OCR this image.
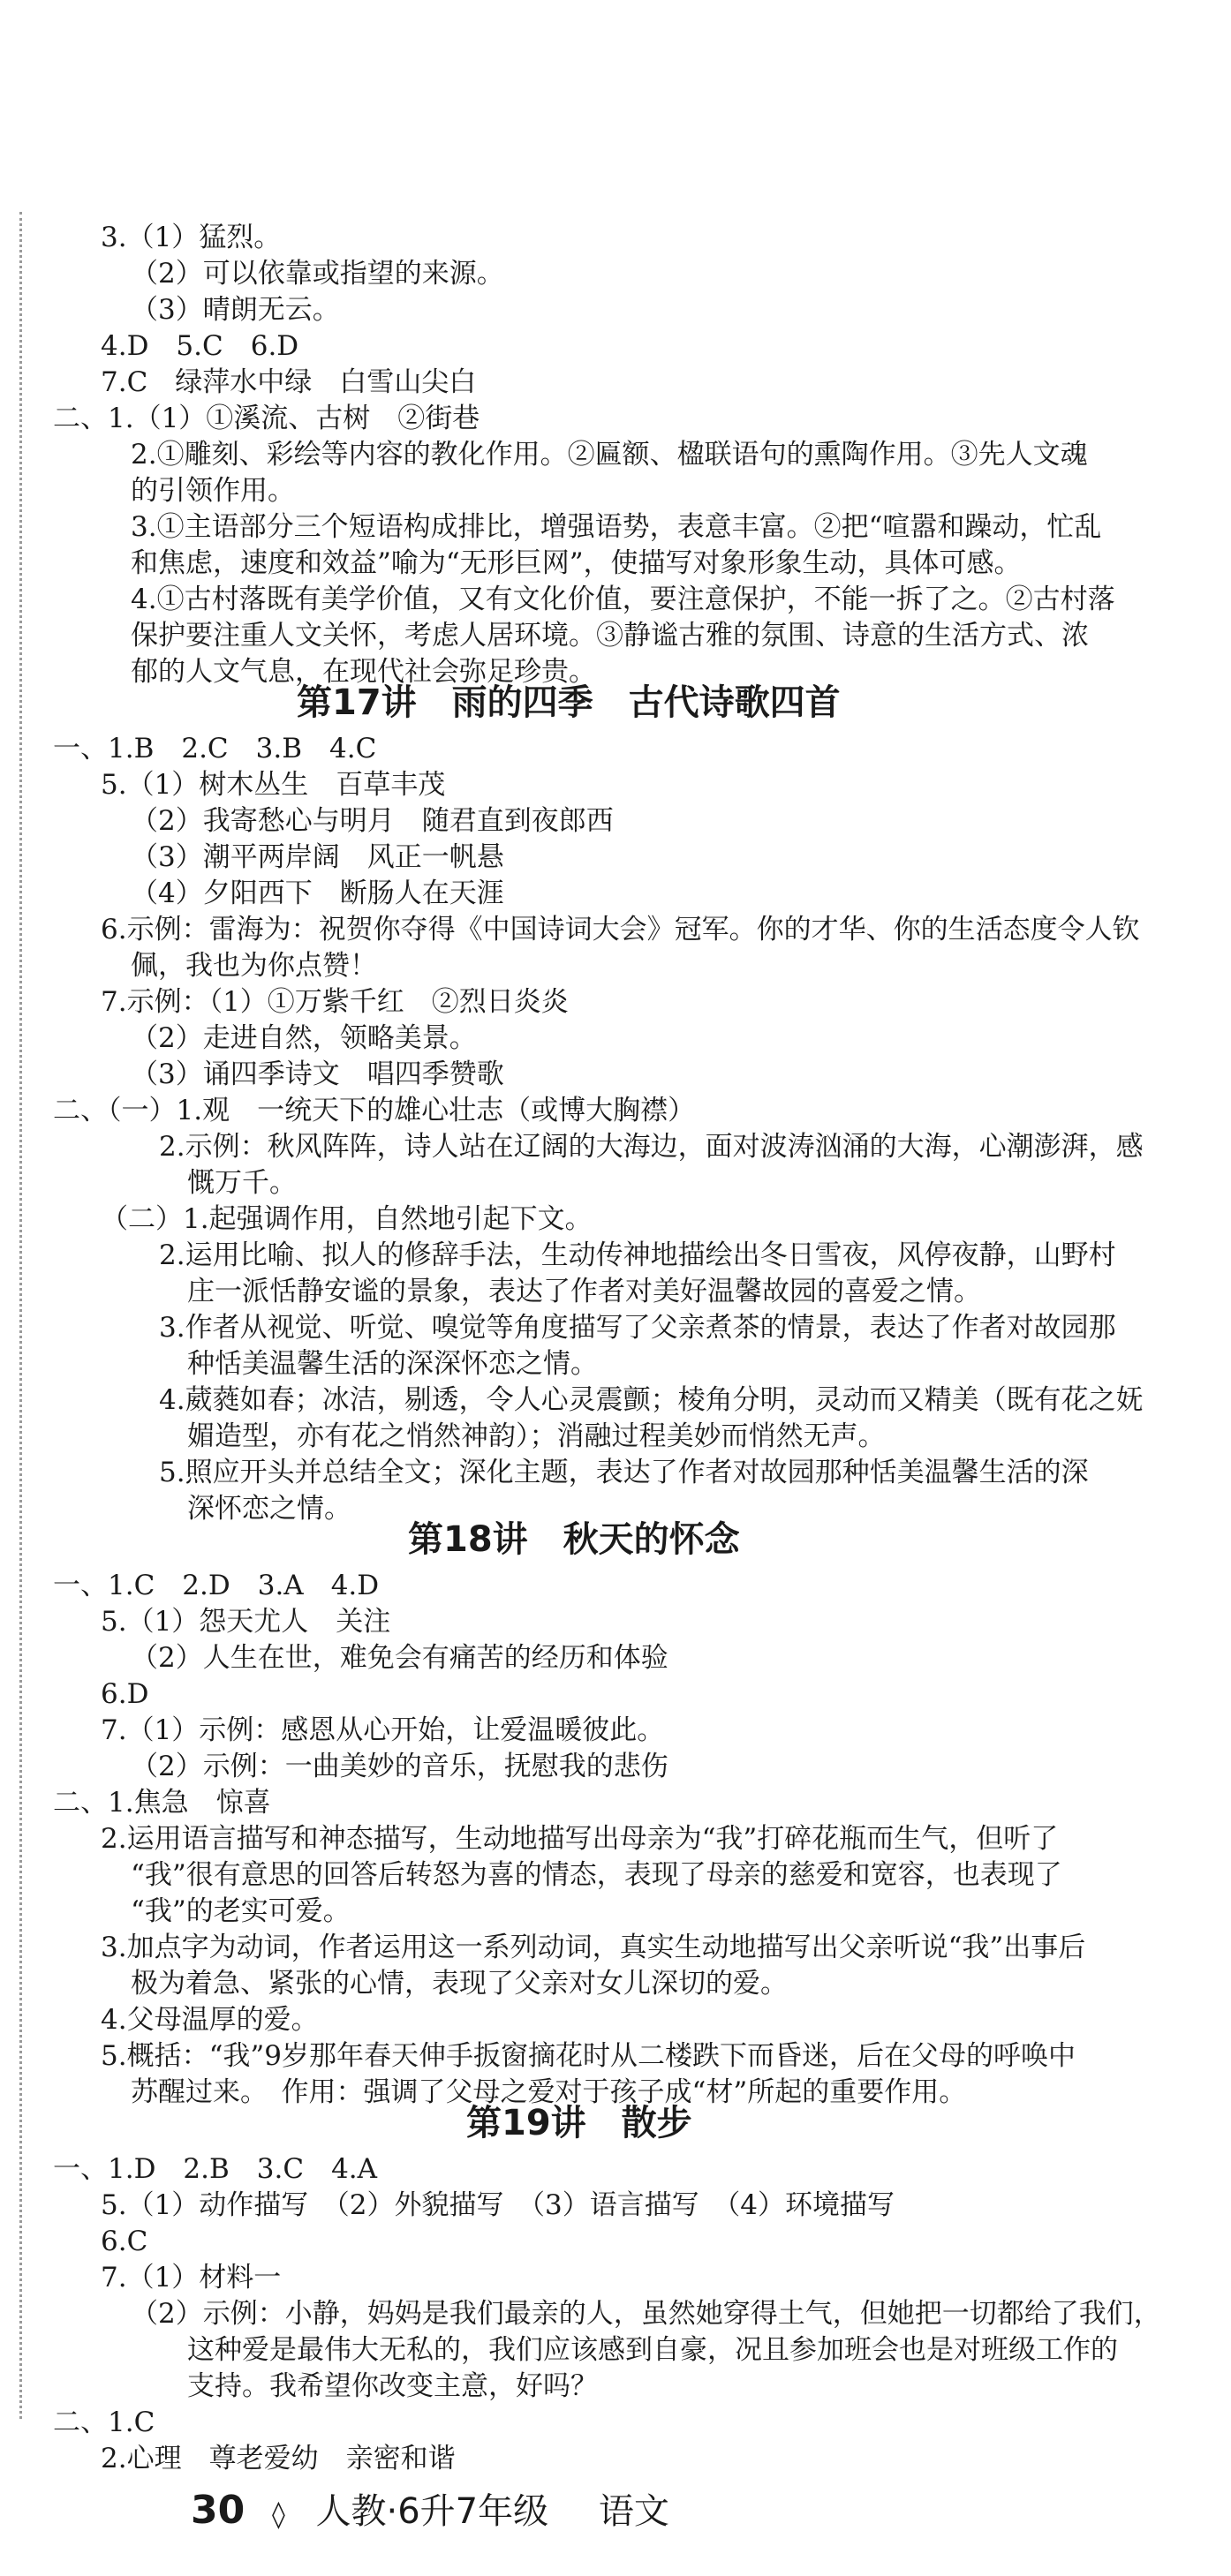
3.（1）猛烈。
（2）可以依靠或指望的来源。
（3）晴朗无云。
4.D　5.C　6.D
7.C　绿萍水中绿　白雪山尖白
二、1.（1）①溪流、古树　②街巷
2.①雕刻、彩绘等内容的教化作用。②匾额、楹联语句的熏陶作用。③先人文魂
的引领作用。
3.①主语部分三个短语构成排比，增强语势，表意丰富。②把“喧嚣和躁动，忙乱
和焦虑，速度和效益”喻为“无形巨网”，使描写对象形象生动，具体可感。
4.①古村落既有美学价值，又有文化价值，要注意保护，不能一拆了之。②古村落
保护要注重人文关怀，考虑人居环境。③静谧古雅的氛围、诗意的生活方式、浓
郁的人文气息，在现代社会弥足珍贵。
一、1.B　2.C　3.B　4.C
5.（1）树木丛生　百草丰茂
（2）我寄愁心与明月　随君直到夜郎西
（3）潮平两岸阔　风正一帆悬
（4）夕阳西下　断肠人在天涯
6.示例：雷海为：祝贺你夺得《中国诗词大会》冠军。你的才华、你的生活态度令人钦
佩，我也为你点赞！
7.示例：（1）①万紫千红　②烈日炎炎
（2）走进自然，领略美景。
（3）诵四季诗文　唱四季赞歌
二、（一）1.观　一统天下的雄心壮志（或博大胸襟）
2.示例：秋风阵阵，诗人站在辽阔的大海边，面对波涛汹涌的大海，心潮澎湃，感
慨万千。
（二）1.起强调作用，自然地引起下文。
2.运用比喻、拟人的修辞手法，生动传神地描绘出冬日雪夜，风停夜静，山野村
庄一派恬静安谧的景象，表达了作者对美好温馨故园的喜爱之情。
3.作者从视觉、听觉、嗅觉等角度描写了父亲煮茶的情景，表达了作者对故园那
种恬美温馨生活的深深怀恋之情。
4.葳蕤如春；冰洁，剔透，令人心灵震颤；棱角分明，灵动而又精美（既有花之妩
媚造型，亦有花之悄然神韵）；消融过程美妙而悄然无声。
5.照应开头并总结全文；深化主题，表达了作者对故园那种恬美温馨生活的深
深怀恋之情。
一、1.C　2.D　3.A　4.D
5.（1）怨天尤人　关注
（2）人生在世，难免会有痛苦的经历和体验
6.D
7.（1）示例：感恩从心开始，让爱温暖彼此。
（2）示例：一曲美妙的音乐，抚慰我的悲伤
二、1.焦急　惊喜
2.运用语言描写和神态描写，生动地描写出母亲为“我”打碎花瓶而生气，但听了
“我”很有意思的回答后转怒为喜的情态，表现了母亲的慈爱和宽容，也表现了
“我”的老实可爱。
3.加点字为动词，作者运用这一系列动词，真实生动地描写出父亲听说“我”出事后
极为着急、紧张的心情，表现了父亲对女儿深切的爱。
4.父母温厚的爱。
5.概括：“我”9岁那年春天伸手扳窗摘花时从二楼跌下而昏迷，后在父母的呼唤中
苏醒过来。　作用：强调了父母之爱对于孩子成“材”所起的重要作用。
一、1.D　2.B　3.C　4.A
5.（1）动作描写　（2）外貌描写　（3）语言描写　（4）环境描写
6.C
7.（1）材料一
（2）示例：小静，妈妈是我们最亲的人，虽然她穿得土气，但她把一切都给了我们，
这种爱是最伟大无私的，我们应该感到自豪，况且参加班会也是对班级工作的
支持。我希望你改变主意，好吗？
二、1.C
2.心理　尊老爱幼　亲密和谐
第17讲　雨的四季　古代诗歌四首
第18讲　秋天的怀念
第19讲　散步
30 ◊ 人教·6升7年级 语文
